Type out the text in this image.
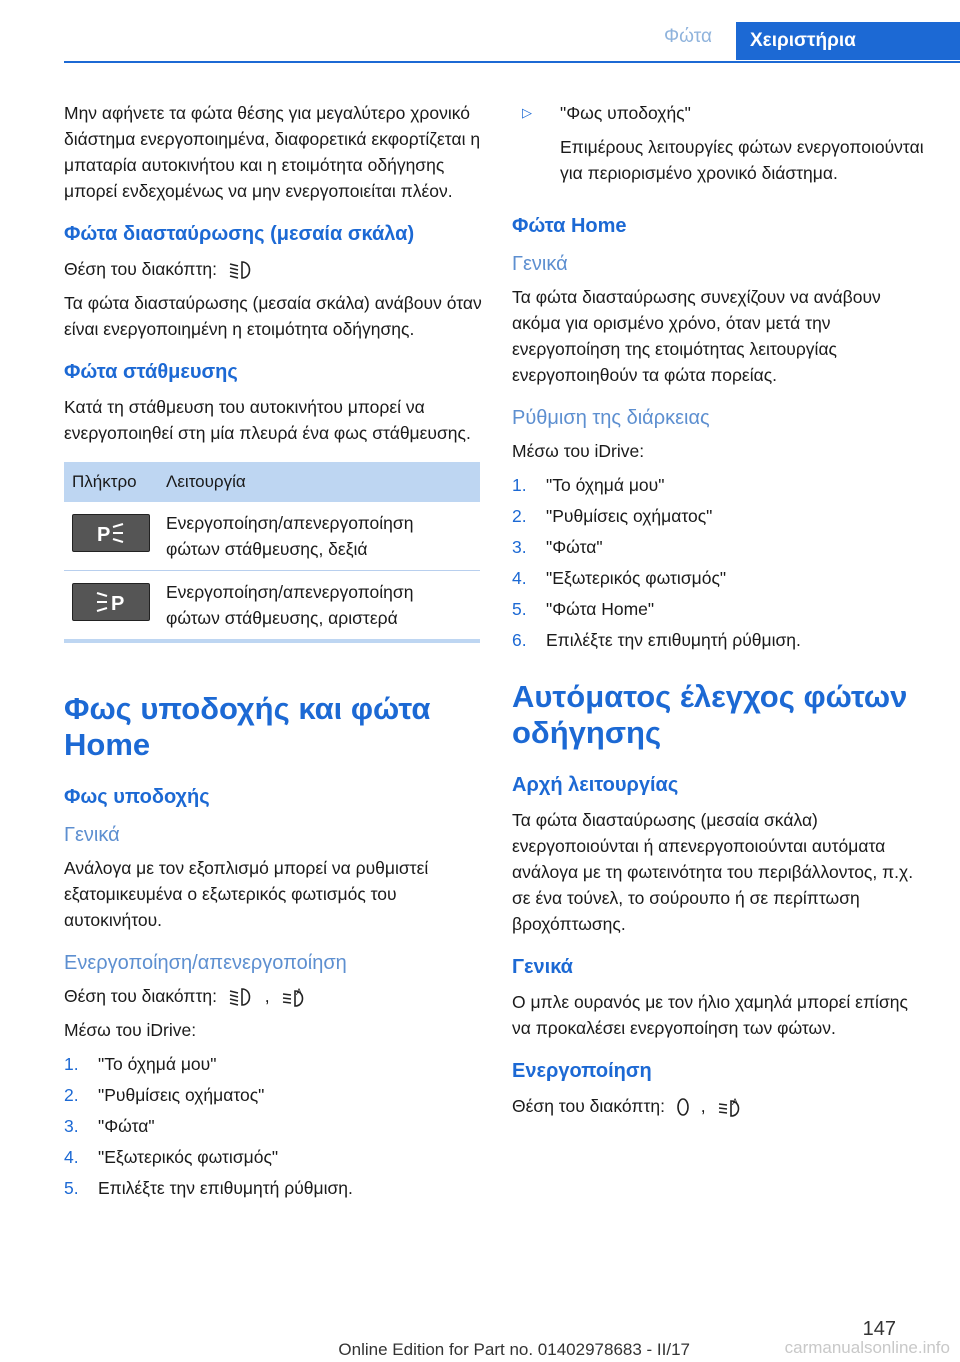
Φώτα	Χειριστήρια

Μην αφήνετε τα φώτα θέσης για μεγαλύτερο χρονικό διάστημα ενεργοποιημένα, διαφορετικά εκφορτίζεται η μπαταρία αυτοκινήτου και η ετοιμότητα οδήγησης μπορεί ενδεχομένως να μην ενεργοποιείται πλέον.

Φώτα διασταύρωσης (μεσαία σκάλα)

Θέση του διακόπτη:

Τα φώτα διασταύρωσης (μεσαία σκάλα) ανάβουν όταν είναι ενεργοποιημένη η ετοιμότητα οδήγησης.

Φώτα στάθμευσης

Κατά τη στάθμευση του αυτοκινήτου μπορεί να ενεργοποιηθεί στη μία πλευρά ένα φως στάθμευσης.

Πλήκτρο	Λειτουργία

P	Ενεργοποίηση/απενεργοποίηση φώτων στάθμευσης, δεξιά

P	Ενεργοποίηση/απενεργοποίηση φώτων στάθμευσης, αριστερά
Φως υποδοχής και φώτα Home
Φως υποδοχής
Γενικά

Ανάλογα με τον εξοπλισμό μπορεί να ρυθμιστεί εξατομικευμένα ο εξωτερικός φωτισμός του αυτοκινήτου.

Ενεργοποίηση/απενεργοποίηση

Θέση του διακόπτη:	,	A

Μέσω του iDrive:

1.	"Το όχημά μου"
2.	"Ρυθμίσεις οχήματος"
3.	"Φώτα"
4.	"Εξωτερικός φωτισμός"
5.	Επιλέξτε την επιθυμητή ρύθμιση.
▷	"Φως υποδοχής"

Επιμέρους λειτουργίες φώτων ενεργοποιούνται για περιορισμένο χρονικό διάστημα.

Φώτα Home
Γενικά

Τα φώτα διασταύρωσης συνεχίζουν να ανάβουν ακόμα για ορισμένο χρόνο, όταν μετά την ενεργοποίηση της ετοιμότητας λειτουργίας ενεργοποιηθούν τα φώτα πορείας.

Ρύθμιση της διάρκειας

Μέσω του iDrive:

1.	"Το όχημά μου"
2.	"Ρυθμίσεις οχήματος"
3.	"Φώτα"
4.	"Εξωτερικός φωτισμός"
5.	"Φώτα Home"
6.	Επιλέξτε την επιθυμητή ρύθμιση.
Αυτόματος έλεγχος φώτων οδήγησης
Αρχή λειτουργίας

Τα φώτα διασταύρωσης (μεσαία σκάλα) ενεργοποιούνται ή απενεργοποιούνται αυτόματα ανάλογα με τη φωτεινότητα του περιβάλλοντος, π.χ. σε ένα τούνελ, το σούρουπο ή σε περίπτωση βροχόπτωσης.

Γενικά

Ο μπλε ουρανός με τον ήλιο χαμηλά μπορεί επίσης να προκαλέσει ενεργοποίηση των φώτων.

Ενεργοποίηση

Θέση του διακόπτη: ,	A

147
Online Edition for Part no. 01402978683 - II/17	carmanualsonline.info
